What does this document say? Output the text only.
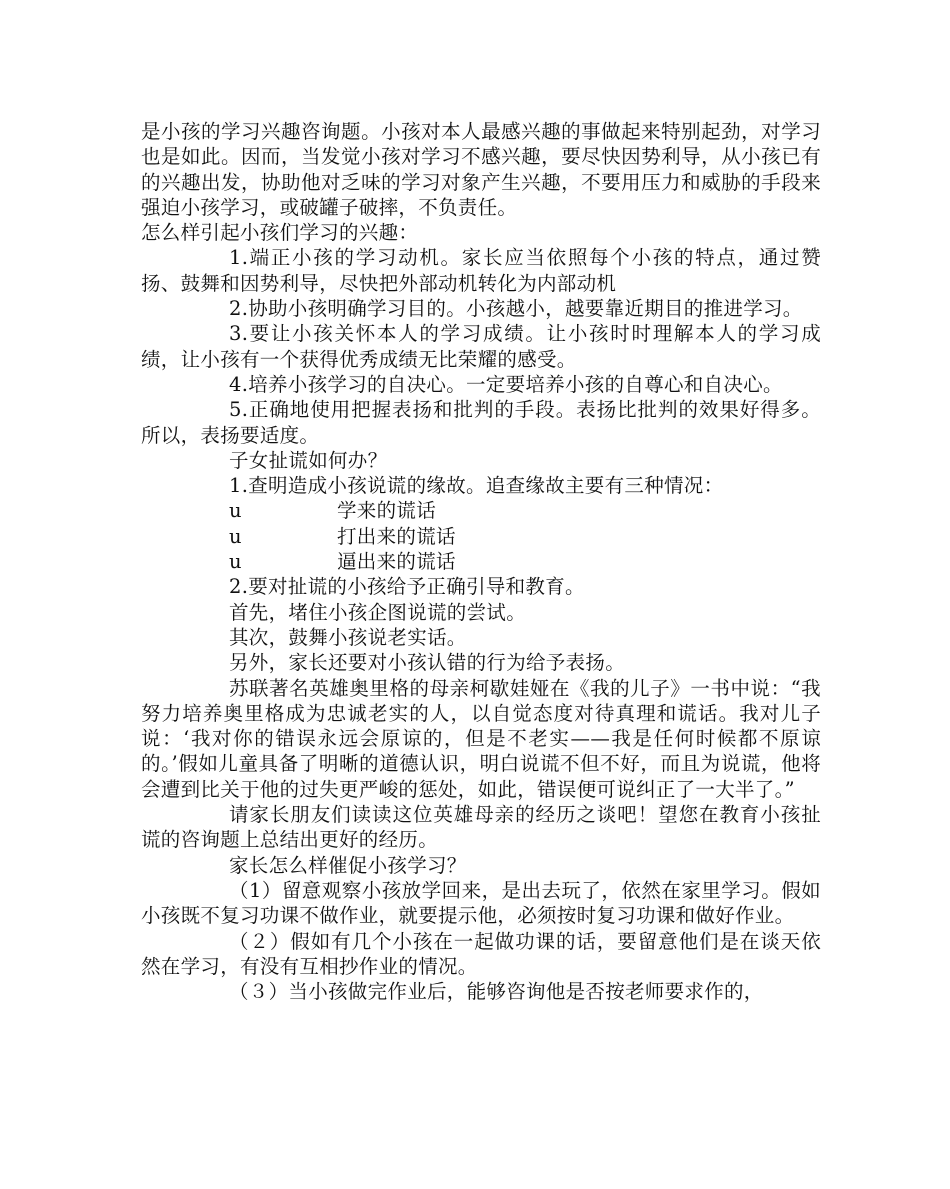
是小孩的学习兴趣咨询题。小孩对本人最感兴趣的事做起来特别起劲，对学习也是如此。因而，当发觉小孩对学习不感兴趣，要尽快因势利导，从小孩已有的兴趣出发，协助他对乏味的学习对象产生兴趣，不要用压力和威胁的手段来强迫小孩学习，或破罐子破摔，不负责任。

怎么样引起小孩们学习的兴趣：

1.端正小孩的学习动机。家长应当依照每个小孩的特点，通过赞扬、鼓舞和因势利导，尽快把外部动机转化为内部动机

2.协助小孩明确学习目的。小孩越小，越要靠近期目的推进学习。

3.要让小孩关怀本人的学习成绩。让小孩时时理解本人的学习成绩，让小孩有一个获得优秀成绩无比荣耀的感受。

4.培养小孩学习的自决心。一定要培养小孩的自尊心和自决心。

5.正确地使用把握表扬和批判的手段。表扬比批判的效果好得多。所以，表扬要适度。

子女扯谎如何办？

1.查明造成小孩说谎的缘故。追查缘故主要有三种情况：

u	学来的谎话
u	打出来的谎话
u	逼出来的谎话

2.要对扯谎的小孩给予正确引导和教育。

首先，堵住小孩企图说谎的尝试。

其次，鼓舞小孩说老实话。

另外，家长还要对小孩认错的行为给予表扬。

苏联著名英雄奥里格的母亲柯歇娃娅在《我的儿子》一书中说：“我努力培养奥里格成为忠诚老实的人，以自觉态度对待真理和谎话。我对儿子说：‘我对你的错误永远会原谅的，但是不老实——我是任何时候都不原谅的。’假如儿童具备了明晰的道德认识，明白说谎不但不好，而且为说谎，他将会遭到比关于他的过失更严峻的惩处，如此，错误便可说纠正了一大半了。”

请家长朋友们读读这位英雄母亲的经历之谈吧！望您在教育小孩扯谎的咨询题上总结出更好的经历。

家长怎么样催促小孩学习？

（1）留意观察小孩放学回来，是出去玩了，依然在家里学习。假如小孩既不复习功课不做作业，就要提示他，必须按时复习功课和做好作业。

（２）假如有几个小孩在一起做功课的话，要留意他们是在谈天依然在学习，有没有互相抄作业的情况。

（３）当小孩做完作业后，能够咨询他是否按老师要求作的，
